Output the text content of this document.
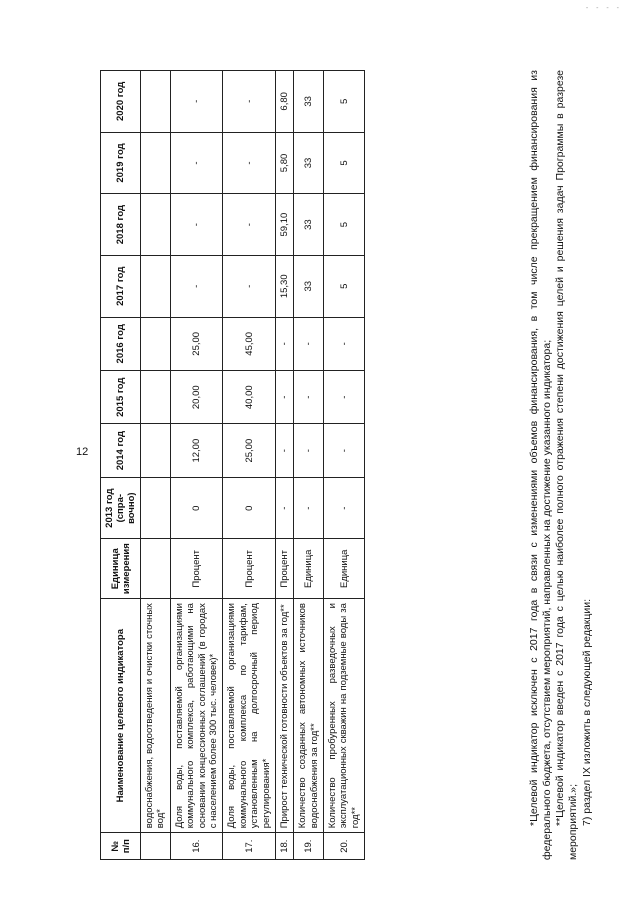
- - - -
12
№ п/п	Наименование целевого индикатора	Единица измерения	2013 год (спра-вочно)	2014 год	2015 год	2016 год	2017 год	2018 год	2019 год	2020 год
	водоснабжения, водоотведения и очистки сточных вод*									
16.	Доля воды, поставляемой организациями коммунального комплекса, работающими на основании концессионных соглашений (в городах с населением более 300 тыс. человек)*	Процент	0	12,00	20,00	25,00	-	-	-	-
17.	Доля воды, поставляемой организациями коммунального комплекса по тарифам, установленным на долгосрочный период регулирования*	Процент	0	25,00	40,00	45,00	-	-	-	-
18.	Прирост технической готовности объектов за год**	Процент	-	-	-	-	15,30	59,10	5,80	6,80
19.	Количество созданных автономных источников водоснабжения за год**	Единица	-	-	-	-	33	33	33	33
20.	Количество пробуренных разведочных и эксплуатационных скважин на подземные воды за год**	Единица	-	-	-	-	5	5	5	5	*Целевой индикатор исключен с 2017 года в связи с изменениями объемов финансирования, в том числе прекращением финансирования из федерального бюджета, отсутствием мероприятий, направленных на достижение указанного индикатора; **Целевой индикатор введен с 2017 года с целью наиболее полного отражения степени достижения целей и решения задач Программы в разрезе мероприятий.»; 7) раздел IX изложить в следующей редакции:
